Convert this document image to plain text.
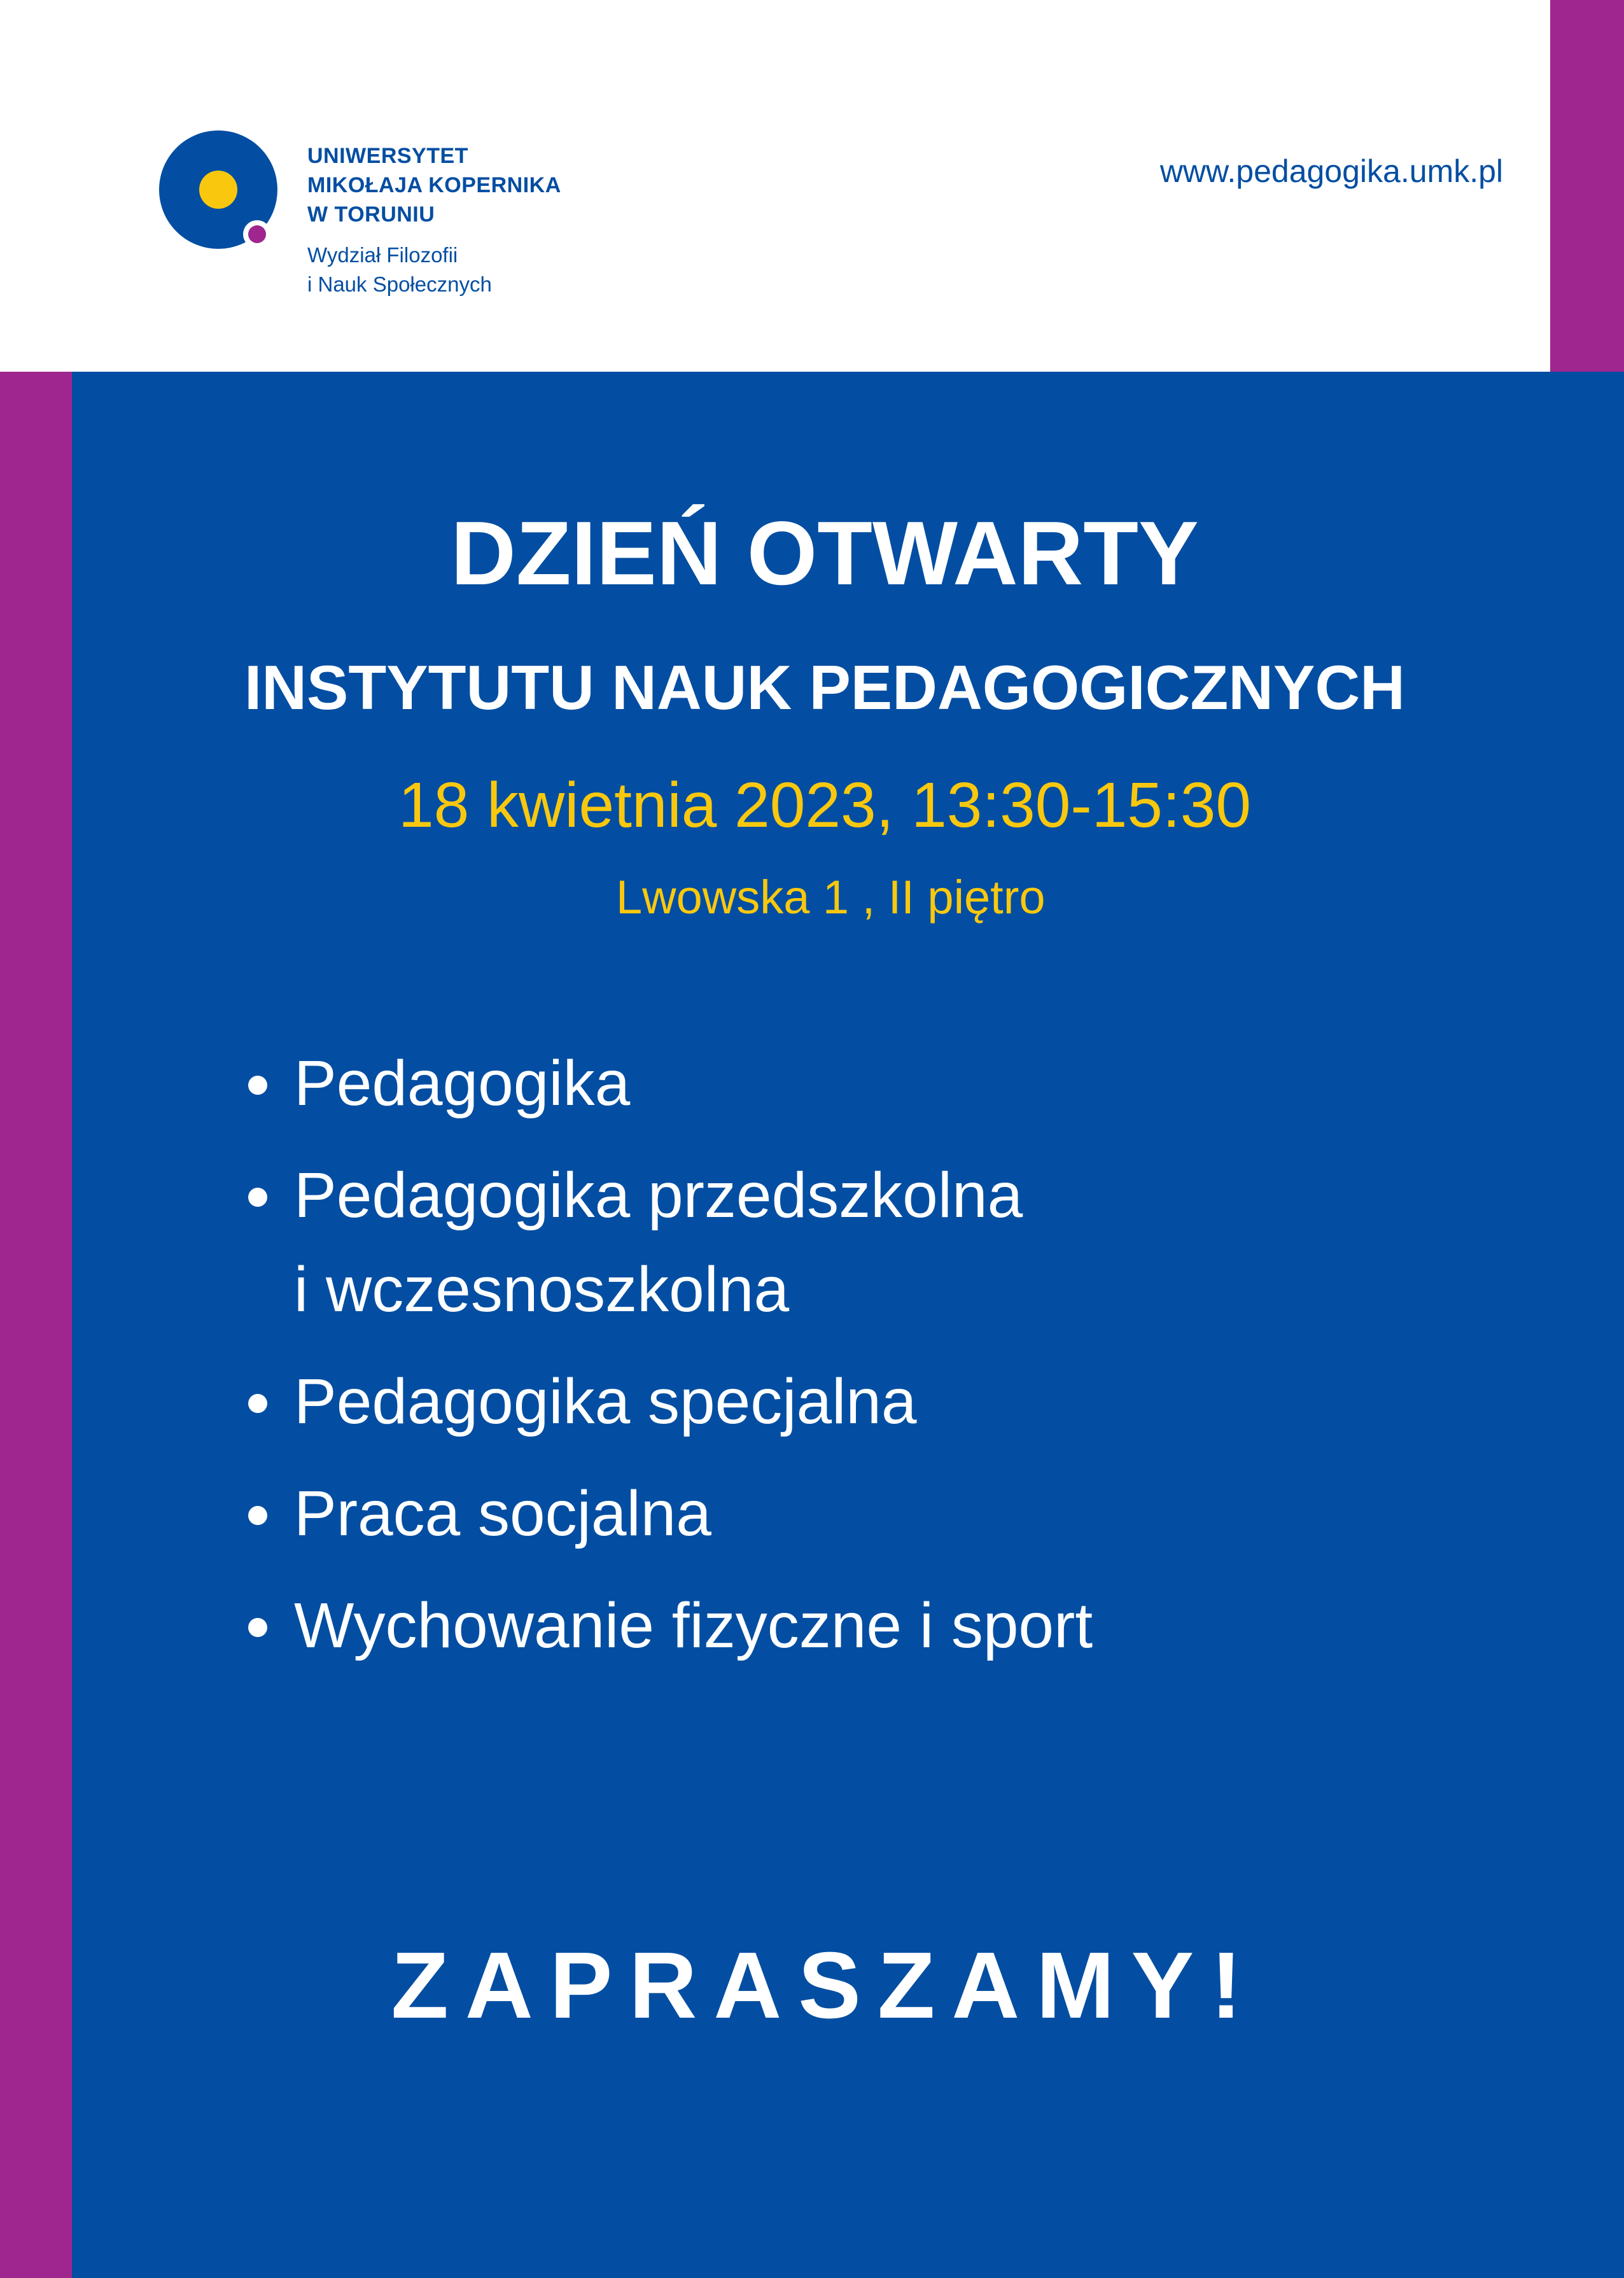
UNIWERSYTET
MIKOŁAJA KOPERNIKA
W TORUNIU
Wydział Filozofii
i Nauk Społecznych
www.pedagogika.umk.pl
DZIEŃ OTWARTY
INSTYTUTU NAUK PEDAGOGICZNYCH
18 kwietnia 2023, 13:30-15:30
Lwowska 1 , II piętro
Pedagogika
Pedagogika przedszkolna
i wczesnoszkolna
Pedagogika specjalna
Praca socjalna
Wychowanie fizyczne i sport
ZAPRASZAMY!
